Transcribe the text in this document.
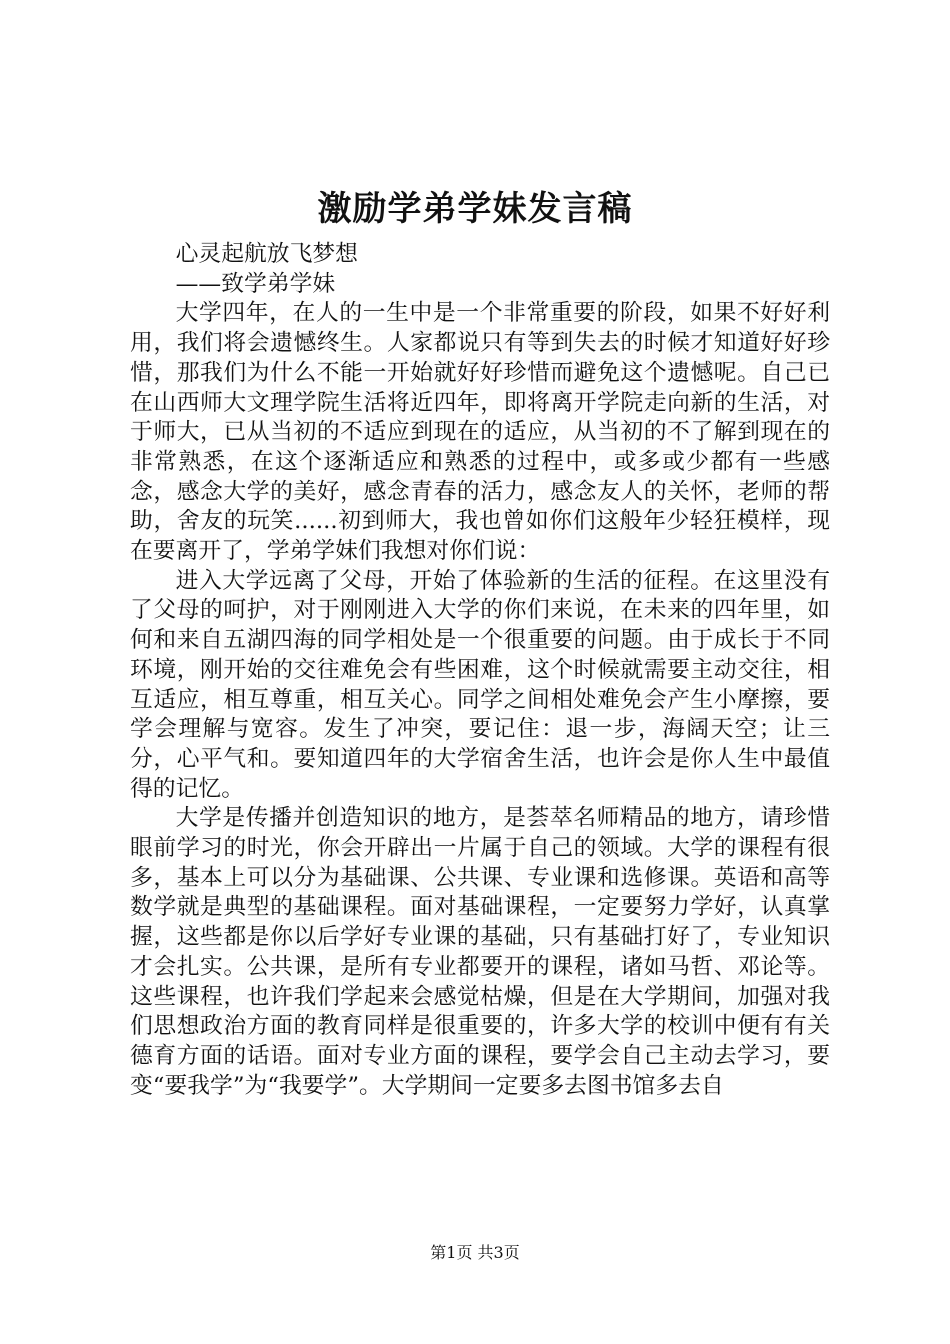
激励学弟学妹发言稿

心灵起航放飞梦想

——致学弟学妹

大学四年，在人的一生中是一个非常重要的阶段，如果不好好利用，我们将会遗憾终生。人家都说只有等到失去的时候才知道好好珍惜，那我们为什么不能一开始就好好珍惜而避免这个遗憾呢。自己已在山西师大文理学院生活将近四年，即将离开学院走向新的生活，对于师大，已从当初的不适应到现在的适应，从当初的不了解到现在的非常熟悉，在这个逐渐适应和熟悉的过程中，或多或少都有一些感念，感念大学的美好，感念青春的活力，感念友人的关怀，老师的帮助，舍友的玩笑......初到师大，我也曾如你们这般年少轻狂模样，现在要离开了，学弟学妹们我想对你们说：

进入大学远离了父母，开始了体验新的生活的征程。在这里没有了父母的呵护，对于刚刚进入大学的你们来说，在未来的四年里，如何和来自五湖四海的同学相处是一个很重要的问题。由于成长于不同环境，刚开始的交往难免会有些困难，这个时候就需要主动交往，相互适应，相互尊重，相互关心。同学之间相处难免会产生小摩擦，要学会理解与宽容。发生了冲突，要记住：退一步，海阔天空；让三分，心平气和。要知道四年的大学宿舍生活，也许会是你人生中最值得的记忆。

大学是传播并创造知识的地方，是荟萃名师精品的地方，请珍惜眼前学习的时光，你会开辟出一片属于自己的领域。大学的课程有很多，基本上可以分为基础课、公共课、专业课和选修课。英语和高等数学就是典型的基础课程。面对基础课程，一定要努力学好，认真掌握，这些都是你以后学好专业课的基础，只有基础打好了，专业知识才会扎实。公共课，是所有专业都要开的课程，诸如马哲、邓论等。这些课程，也许我们学起来会感觉枯燥，但是在大学期间，加强对我们思想政治方面的教育同样是很重要的，许多大学的校训中便有有关德育方面的话语。面对专业方面的课程，要学会自己主动去学习，要变“要我学”为“我要学”。大学期间一定要多去图书馆多去自

第1页 共3页
